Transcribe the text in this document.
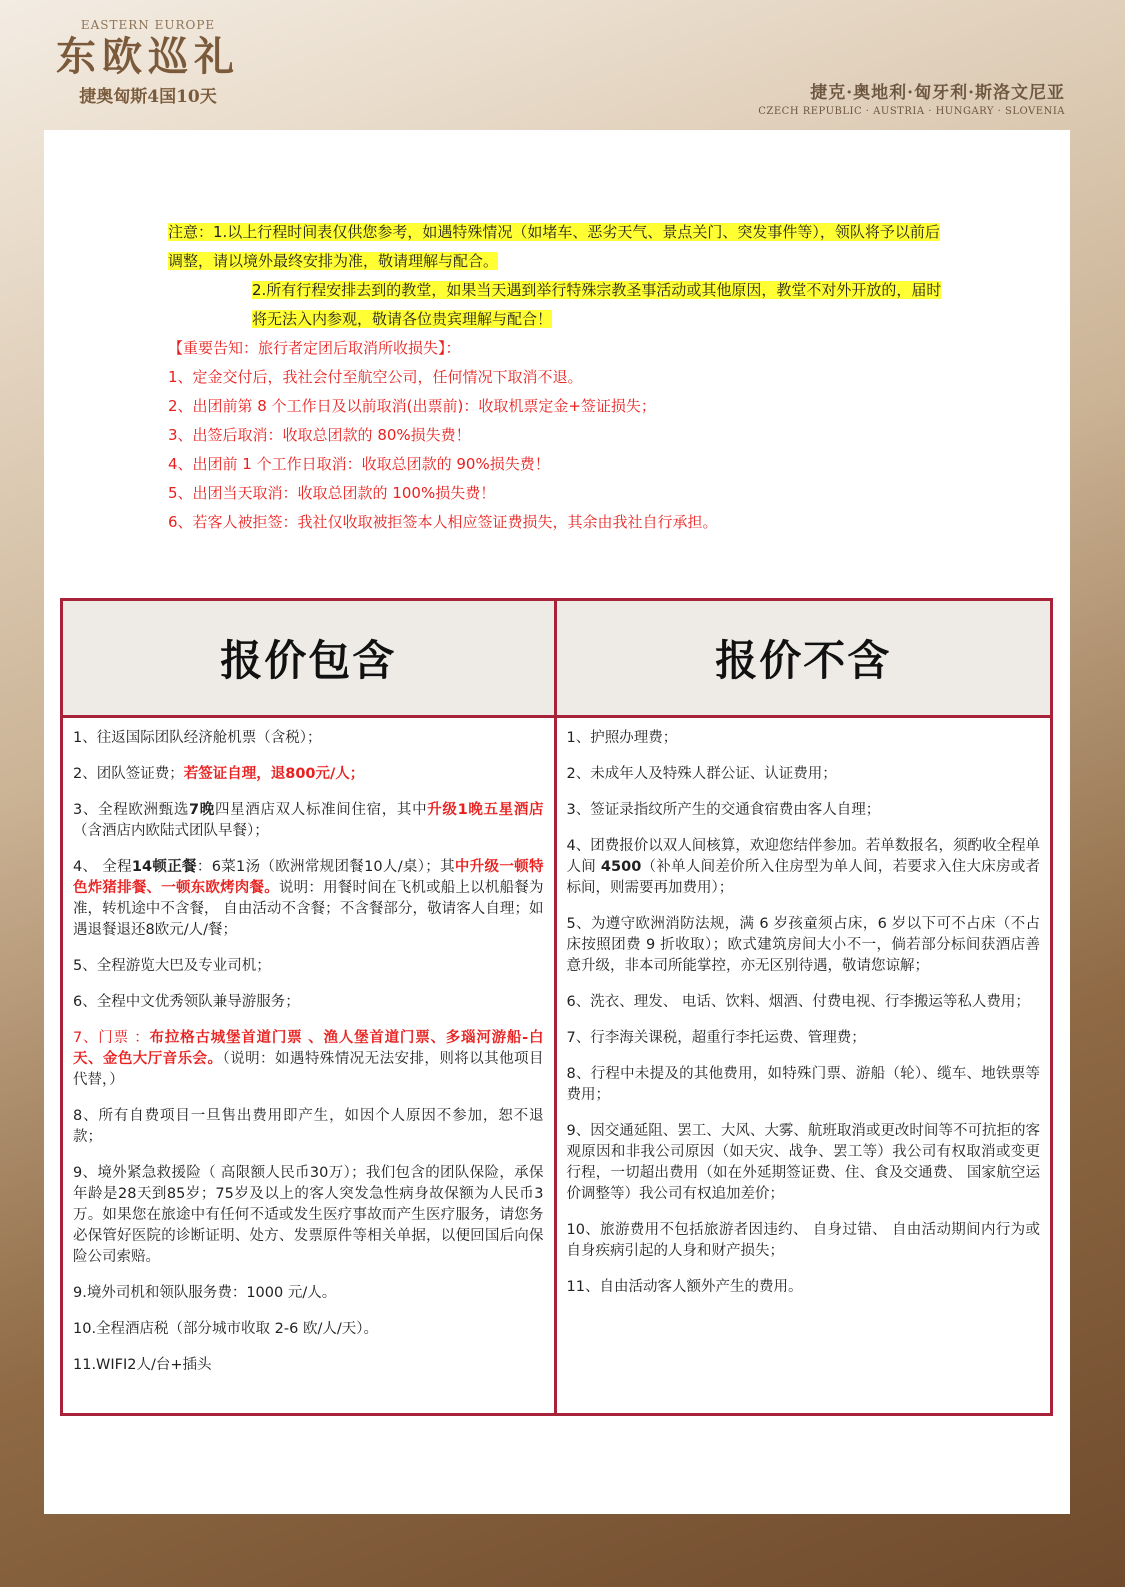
EASTERN EUROPE
东欧巡礼
捷奥匈斯4国10天	捷克·奥地利·匈牙利·斯洛文尼亚
CZECH REPUBLIC · AUSTRIA · HUNGARY · SLOVENIA
注意：1.以上行程时间表仅供您参考，如遇特殊情况（如堵车、恶劣天气、景点关门、突发事件等），领队将予以前后调整，请以境外最终安排为准，敬请理解与配合。
2.所有行程安排去到的教堂，如果当天遇到举行特殊宗教圣事活动或其他原因，教堂不对外开放的，届时将无法入内参观，敬请各位贵宾理解与配合！
【重要告知：旅行者定团后取消所收损失】：
1、定金交付后，我社会付至航空公司，任何情况下取消不退。
2、出团前第 8 个工作日及以前取消(出票前)：收取机票定金+签证损失；
3、出签后取消：收取总团款的 80%损失费！
4、出团前 1 个工作日取消：收取总团款的 90%损失费！
5、出团当天取消：收取总团款的 100%损失费！
6、若客人被拒签：我社仅收取被拒签本人相应签证费损失，其余由我社自行承担。
报价包含
1、往返国际团队经济舱机票（含税）；
2、团队签证费；若签证自理，退800元/人；
3、全程欧洲甄选7晚四星酒店双人标准间住宿，其中升级1晚五星酒店（含酒店内欧陆式团队早餐）；
4、 全程14顿正餐：6菜1汤（欧洲常规团餐10人/桌）；其中升级一顿特色炸猪排餐、一顿东欧烤肉餐。说明：用餐时间在飞机或船上以机船餐为准，转机途中不含餐， 自由活动不含餐；不含餐部分，敬请客人自理；如遇退餐退还8欧元/人/餐；
5、全程游览大巴及专业司机；
6、全程中文优秀领队兼导游服务；
7、门票 ：布拉格古城堡首道门票 、渔人堡首道门票、多瑙河游船-白天、金色大厅音乐会。（说明：如遇特殊情况无法安排，则将以其他项目代替，）
8、所有自费项目一旦售出费用即产生，如因个人原因不参加，恕不退款；
9、境外紧急救援险（ 高限额人民币30万）；我们包含的团队保险，承保年龄是28天到85岁；75岁及以上的客人突发急性病身故保额为人民币3万。如果您在旅途中有任何不适或发生医疗事故而产生医疗服务，请您务必保管好医院的诊断证明、处方、发票原件等相关单据，以便回国后向保险公司索赔。
9.境外司机和领队服务费：1000 元/人。
10.全程酒店税（部分城市收取 2-6 欧/人/天）。
11.WIFI2人/台+插头
报价不含
1、护照办理费；
2、未成年人及特殊人群公证、认证费用；
3、签证录指纹所产生的交通食宿费由客人自理；
4、团费报价以双人间核算，欢迎您结伴参加。若单数报名，须酌收全程单人间 4500（补单人间差价所入住房型为单人间，若要求入住大床房或者标间，则需要再加费用）；
5、为遵守欧洲消防法规，满 6 岁孩童须占床，6 岁以下可不占床（不占床按照团费 9 折收取）；欧式建筑房间大小不一，倘若部分标间获酒店善意升级，非本司所能掌控，亦无区别待遇，敬请您谅解；
6、洗衣、理发、 电话、饮料、烟酒、付费电视、行李搬运等私人费用；
7、行李海关课税，超重行李托运费、管理费；
8、行程中未提及的其他费用，如特殊门票、游船（轮）、缆车、地铁票等费用；
9、因交通延阻、罢工、大风、大雾、航班取消或更改时间等不可抗拒的客观原因和非我公司原因（如天灾、战争、罢工等）我公司有权取消或变更行程，一切超出费用（如在外延期签证费、住、食及交通费、 国家航空运价调整等）我公司有权追加差价；
10、旅游费用不包括旅游者因违约、 自身过错、 自由活动期间内行为或自身疾病引起的人身和财产损失；
11、自由活动客人额外产生的费用。
